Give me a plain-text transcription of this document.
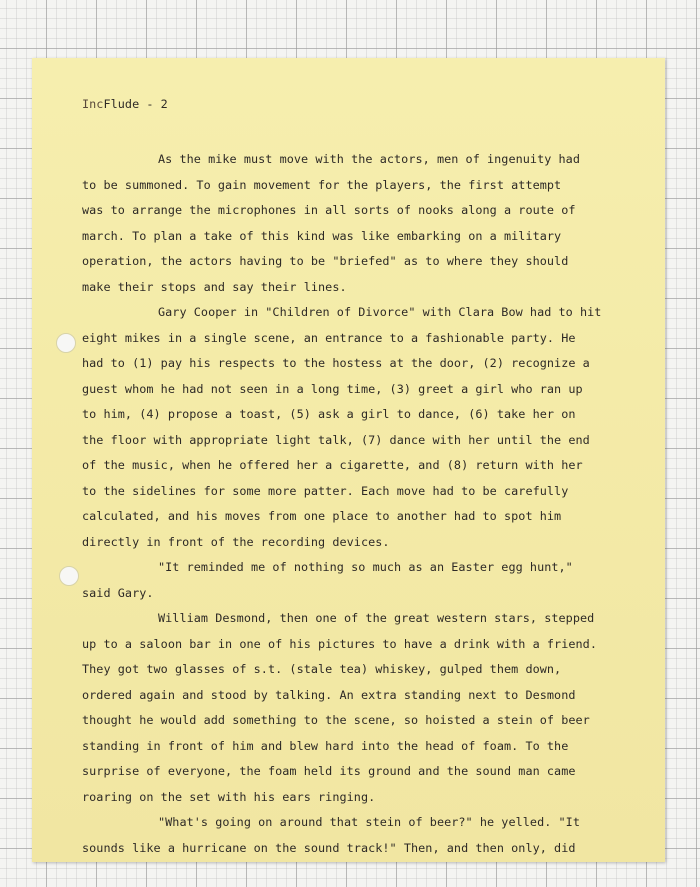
IncFlude - 2
As the mike must move with the actors, men of ingenuity had
to be summoned. To gain movement for the players, the first attempt
was to arrange the microphones in all sorts of nooks along a route of
march. To plan a take of this kind was like embarking on a military
operation, the actors having to be "briefed" as to where they should
make their stops and say their lines.
Gary Cooper in "Children of Divorce" with Clara Bow had to hit
eight mikes in a single scene, an entrance to a fashionable party. He
had to (1) pay his respects to the hostess at the door, (2) recognize a
guest whom he had not seen in a long time, (3) greet a girl who ran up
to him, (4) propose a toast, (5) ask a girl to dance, (6) take her on
the floor with appropriate light talk, (7) dance with her until the end
of the music, when he offered her a cigarette, and (8) return with her
to the sidelines for some more patter. Each move had to be carefully
calculated, and his moves from one place to another had to spot him
directly in front of the recording devices.
"It reminded me of nothing so much as an Easter egg hunt,"
said Gary.
William Desmond, then one of the great western stars, stepped
up to a saloon bar in one of his pictures to have a drink with a friend.
They got two glasses of s.t. (stale tea) whiskey, gulped them down,
ordered again and stood by talking. An extra standing next to Desmond
thought he would add something to the scene, so hoisted a stein of beer
standing in front of him and blew hard into the head of foam. To the
surprise of everyone, the foam held its ground and the sound man came
roaring on the set with his ears ringing.
"What's going on around that stein of beer?" he yelled. "It
sounds like a hurricane on the sound track!" Then, and then only, did
